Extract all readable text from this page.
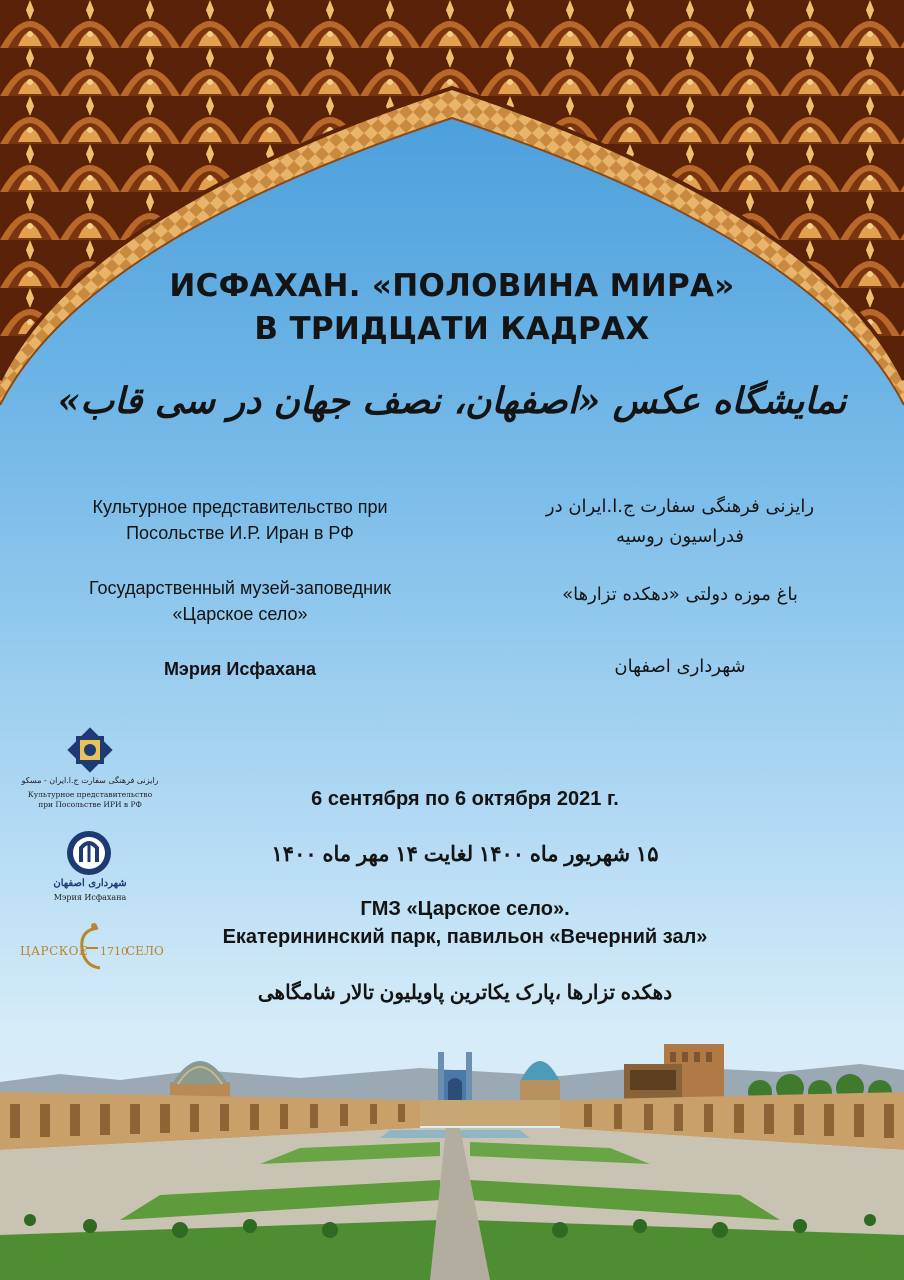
ИСФАХАН. «ПОЛОВИНА МИРА»
В ТРИДЦАТИ КАДРАХ
نمایشگاه عکس «اصفهان، نصف جهان در سی قاب»
Культурное представительство при
Посольстве И.Р. Иран в РФ
Государственный музей-заповедник
«Царское село»
Мэрия Исфахана
رایزنی فرهنگی سفارت ج.ا.ایران در
فدراسیون روسیه
باغ موزه دولتی «دهکده تزارها»
شهرداری اصفهان
رایزنی فرهنگی سفارت ج.ا.ایران - مسکو
Культурное представительство
при Посольстве ИРИ в РФ
شهرداری اصفهان
Мэрия Исфахана
ЦАРСКОЕ 1710
СЕЛО
6 сентября по 6 октября 2021 г.
۱۵ شهریور ماه ۱۴۰۰ لغایت ۱۴ مهر ماه ۱۴۰۰
ГМЗ «Царское село».
Екатерининский парк, павильон «Вечерний зал»
دهکده تزارها ،پارک یکاترین پاویلیون تالار شامگاهی
